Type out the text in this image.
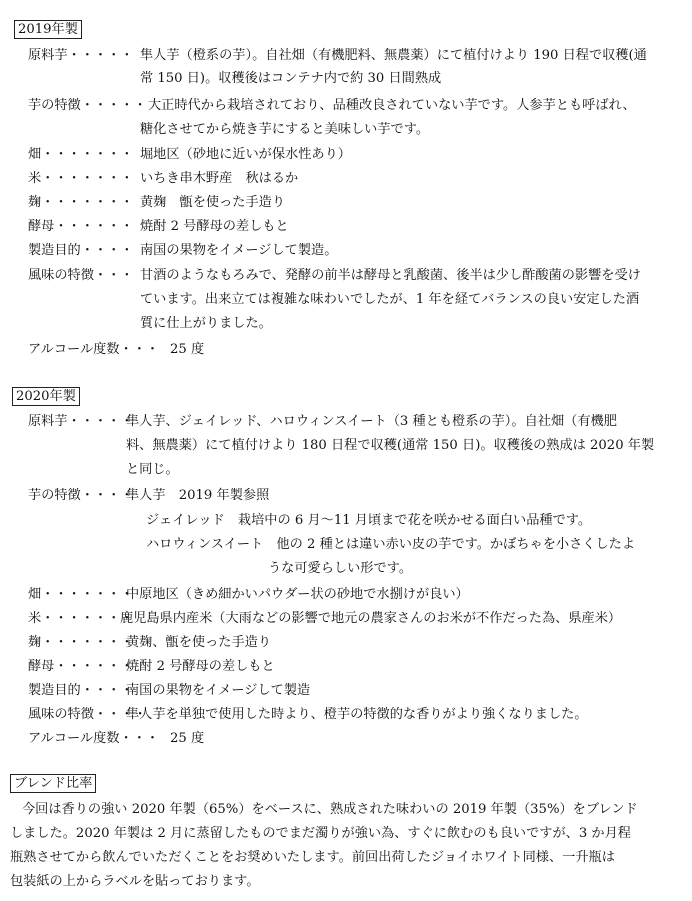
2019年製
原料芋・・・・・ 隼人芋（橙系の芋）。自社畑（有機肥料、無農薬）にて植付けより 190 日程で収穫(通
常 150 日)。収穫後はコンテナ内で約 30 日間熟成
芋の特徴・・・・・ 大正時代から栽培されており、品種改良されていない芋です。人参芋とも呼ばれ、
糖化させてから焼き芋にすると美味しい芋です。
畑・・・・・・・ 堀地区（砂地に近いが保水性あり）
米・・・・・・・ いちき串木野産　秋はるか
麹・・・・・・・ 黄麹　甑を使った手造り
酵母・・・・・・ 焼酎 2 号酵母の差しもと
製造目的・・・・ 南国の果物をイメージして製造。
風味の特徴・・・ 甘酒のようなもろみで、発酵の前半は酵母と乳酸菌、後半は少し酢酸菌の影響を受け
ています。出来立ては複雑な味わいでしたが、1 年を経てバランスの良い安定した酒
質に仕上がりました。
アルコール度数・・・ 25 度
2020年製
原料芋・・・・・
隼人芋、ジェイレッド、ハロウィンスイート（3 種とも橙系の芋）。自社畑（有機肥
料、無農薬）にて植付けより 180 日程で収穫(通常 150 日)。収穫後の熟成は 2020 年製
と同じ。
芋の特徴・・・・
隼人芋　2019 年製参照
ジェイレッド　栽培中の 6 月～11 月頃まで花を咲かせる面白い品種です。
ハロウィンスイート　他の 2 種とは違い赤い皮の芋です。かぼちゃを小さくしたよ
うな可愛らしい形です。
畑・・・・・・・
中原地区（きめ細かいパウダー状の砂地で水捌けが良い）
米・・・・・・・
鹿児島県内産米（大雨などの影響で地元の農家さんのお米が不作だった為、県産米）
麹・・・・・・・
黄麹、甑を使った手造り
酵母・・・・・・
焼酎 2 号酵母の差しもと
製造目的・・・・
南国の果物をイメージして製造
風味の特徴・・・・
隼人芋を単独で使用した時より、橙芋の特徴的な香りがより強くなりました。
アルコール度数・・・ 25 度
ブレンド比率
今回は香りの強い 2020 年製（65%）をベースに、熟成された味わいの 2019 年製（35%）をブレンド
しました。2020 年製は 2 月に蒸留したものでまだ濁りが強い為、すぐに飲むのも良いですが、3 か月程
瓶熟させてから飲んでいただくことをお奨めいたします。前回出荷したジョイホワイト同様、一升瓶は
包装紙の上からラベルを貼っております。
